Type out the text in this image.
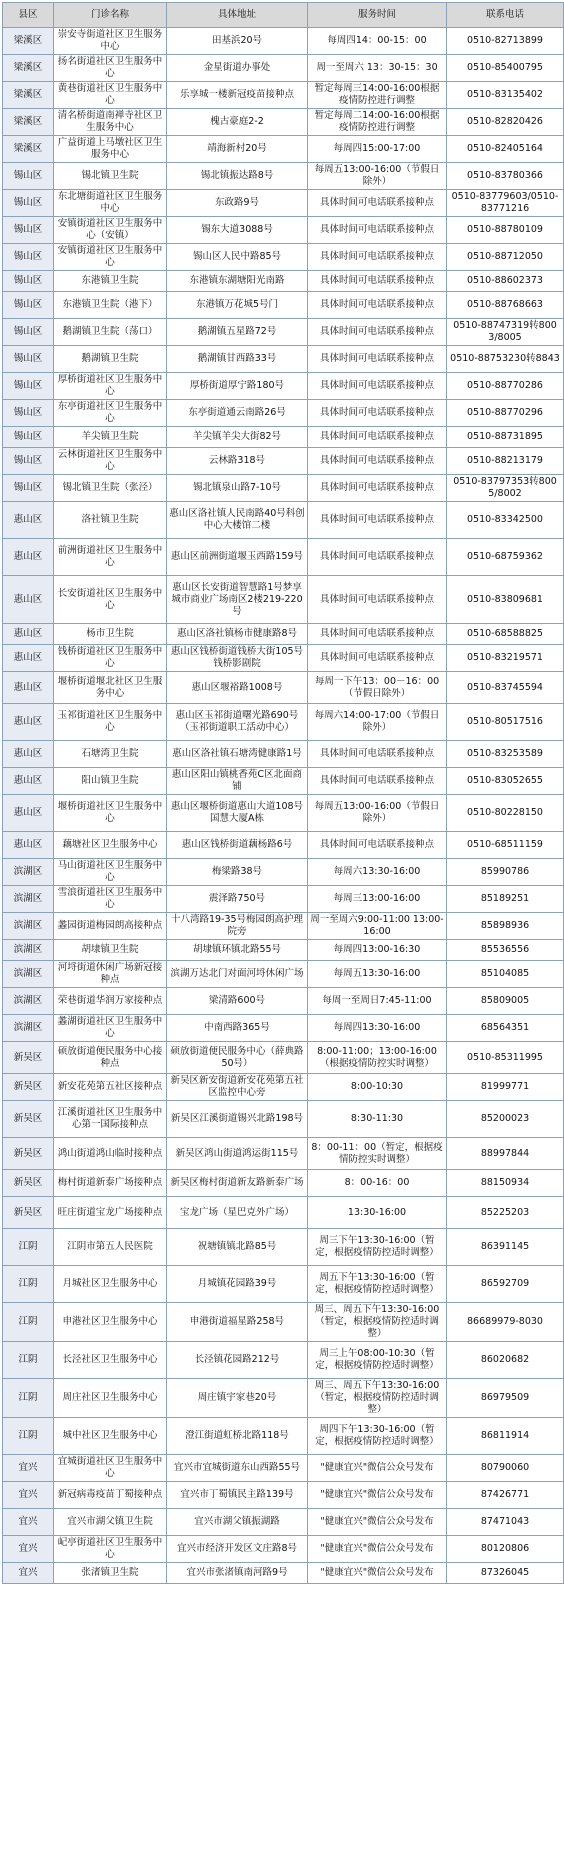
县区	门诊名称	具体地址	服务时间	联系电话
梁溪区	崇安寺街道社区卫生服务中心	田基浜20号	每周四14：00-15：00	0510-82713899
梁溪区	扬名街道社区卫生服务中心	金星街道办事处	周一至周六 13：30-15：30	0510-85400795
梁溪区	黄巷街道社区卫生服务中心	乐享城一楼新冠疫苗接种点	暂定每周三14:00-16:00根据疫情防控进行调整	0510-83135402
梁溪区	清名桥街道南禅寺社区卫生服务中心	槐古豪庭2-2	暂定每周二14:00-16:00根据疫情防控进行调整	0510-82820426
梁溪区	广益街道上马墩社区卫生服务中心	靖海新村20号	每周四15:00-17:00	0510-82405164
锡山区	锡北镇卫生院	锡北镇振达路8号	每周五13:00-16:00（节假日除外）	0510-83780366
锡山区	东北塘街道社区卫生服务中心	东政路9号	具体时间可电话联系接种点	0510-83779603/0510-83771216
锡山区	安镇街道社区卫生服务中心（安镇）	锡东大道3088号	具体时间可电话联系接种点	0510-88780109
锡山区	安镇街道社区卫生服务中心	锡山区人民中路85号	具体时间可电话联系接种点	0510-88712050
锡山区	东港镇卫生院	东港镇东湖塘阳光南路	具体时间可电话联系接种点	0510-88602373
锡山区	东港镇卫生院（港下）	东港镇万花城5号门	具体时间可电话联系接种点	0510-88768663
锡山区	鹅湖镇卫生院（荡口）	鹅湖镇五星路72号	具体时间可电话联系接种点	0510-88747319转8003/8005
锡山区	鹅湖镇卫生院	鹅湖镇甘西路33号	具体时间可电话联系接种点	0510-88753230转8843
锡山区	厚桥街道社区卫生服务中心	厚桥街道厚宁路180号	具体时间可电话联系接种点	0510-88770286
锡山区	东亭街道社区卫生服务中心	东亭街道通云南路26号	具体时间可电话联系接种点	0510-88770296
锡山区	羊尖镇卫生院	羊尖镇羊尖大街82号	具体时间可电话联系接种点	0510-88731895
锡山区	云林街道社区卫生服务中心	云林路318号	具体时间可电话联系接种点	0510-88213179
锡山区	锡北镇卫生院（张泾）	锡北镇泉山路7-10号	具体时间可电话联系接种点	0510-83797353转8005/8002
惠山区	洛社镇卫生院	惠山区洛社镇人民南路40号科创中心大楼馆二楼	具体时间可电话联系接种点	0510-83342500
惠山区	前洲街道社区卫生服务中心	惠山区前洲街道堰玉西路159号	具体时间可电话联系接种点	0510-68759362
惠山区	长安街道社区卫生服务中心	惠山区长安街道智慧路1号梦享城市商业广场南区2楼219-220号	具体时间可电话联系接种点	0510-83809681
惠山区	杨市卫生院	惠山区洛社镇杨市健康路8号	具体时间可电话联系接种点	0510-68588825
惠山区	钱桥街道社区卫生服务中心	惠山区钱桥街道钱桥大街105号钱桥影剧院	具体时间可电话联系接种点	0510-83219571
惠山区	堰桥街道堰北社区卫生服务中心	惠山区堰裕路1008号	每周一下午13：00－16：00（节假日除外）	0510-83745594
惠山区	玉祁街道社区卫生服务中心	惠山区玉祁街道曙光路690号（玉祁街道职工活动中心）	每周六14:00-17:00（节假日除外）	0510-80517516
惠山区	石塘湾卫生院	惠山区洛社镇石塘湾健康路1号	具体时间可电话联系接种点	0510-83253589
惠山区	阳山镇卫生院	惠山区阳山镇桃香苑C区北面商铺	具体时间可电话联系接种点	0510-83052655
惠山区	堰桥街道社区卫生服务中心	惠山区堰桥街道惠山大道108号国慧大厦A栋	每周五13:00-16:00（节假日除外）	0510-80228150
惠山区	藕塘社区卫生服务中心	惠山区钱桥街道藕杨路6号	具体时间可电话联系接种点	0510-68511159
滨湖区	马山街道社区卫生服务中心	梅梁路38号	每周六13:30-16:00	85990786
滨湖区	雪浪街道社区卫生服务中心	震泽路750号	每周三13:00-16:00	85189251
滨湖区	蠡园街道梅园朗高接种点	十八湾路19-35号梅园朗高护理院旁	周一至周六9:00-11:00 13:00-16:00	85898936
滨湖区	胡埭镇卫生院	胡埭镇环镇北路55号	每周四13:00-16:30	85536556
滨湖区	河埒街道休闲广场新冠接种点	滨湖万达北门对面河埒休闲广场	每周五13:30-16:00	85104085
滨湖区	荣巷街道华润万家接种点	梁清路600号	每周一至周日7:45-11:00	85809005
滨湖区	蠡湖街道社区卫生服务中心	中南西路365号	每周四13:30-16:00	68564351
新吴区	硕放街道便民服务中心接种点	硕放街道便民服务中心（薛典路50号）	8:00-11:00；13:00-16:00（根据疫情防控实时调整）	0510-85311995
新吴区	新安花苑第五社区接种点	新吴区新安街道新安花苑第五社区监控中心旁	8:00-10:30	81999771
新吴区	江溪街道社区卫生服务中心第一国际接种点	新吴区江溪街道锡兴北路198号	8:30-11:30	85200023
新吴区	鸿山街道鸿山临时接种点	新吴区鸿山街道鸿运街115号	8：00-11：00（暂定，根据疫情防控实时调整）	88997844
新吴区	梅村街道新泰广场接种点	新吴区梅村街道新友路新泰广场	8：00-16：00	88150934
新吴区	旺庄街道宝龙广场接种点	宝龙广场（星巴克外广场）	13:30-16:00	85225203
江阴	江阴市第五人民医院	祝塘镇镇北路85号	周三下午13:30-16:00（暂定，根据疫情防控适时调整）	86391145
江阴	月城社区卫生服务中心	月城镇花园路39号	周五下午13:30-16:00（暂定，根据疫情防控适时调整）	86592709
江阴	申港社区卫生服务中心	申港街道福星路258号	周三、周五下午13:30-16:00（暂定，根据疫情防控适时调整）	86689979-8030
江阴	长泾社区卫生服务中心	长泾镇花园路212号	周三上午08:00-10:30（暂定，根据疫情防控适时调整）	86020682
江阴	周庄社区卫生服务中心	周庄镇宇家巷20号	周三、周五下午13:30-16:00（暂定，根据疫情防控适时调整）	86979509
江阴	城中社区卫生服务中心	澄江街道虹桥北路118号	周四下午13:30-16:00（暂定，根据疫情防控适时调整）	86811914
宜兴	宜城街道社区卫生服务中心	宜兴市宜城街道东山西路55号	"健康宜兴"微信公众号发布	80790060
宜兴	新冠病毒疫苗丁蜀接种点	宜兴市丁蜀镇民主路139号	"健康宜兴"微信公众号发布	87426771
宜兴	宜兴市湖父镇卫生院	宜兴市湖父镇振湖路	"健康宜兴"微信公众号发布	87471043
宜兴	屺亭街道社区卫生服务中心	宜兴市经济开发区文庄路8号	"健康宜兴"微信公众号发布	80120806
宜兴	张渚镇卫生院	宜兴市张渚镇南河路9号	"健康宜兴"微信公众号发布	87326045
